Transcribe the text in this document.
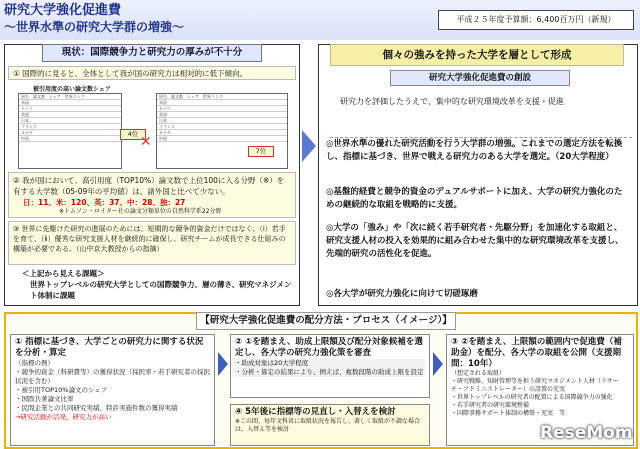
研究大学強化促進費
～世界水準の研究大学群の増強～
平成２５年度予算額：6,400百万円（新規）
現状：国際競争力と研究力の厚みが不十分
① 国際的に見ると、全体として我が国の研究力は相対的に低下傾向。
被引用度の高い論文数シェア
国名　論文数　シェア　世界ランク
米国
ドイツ
英国
日本
フランス
カナダ
中国
国名　論文数　シェア　世界ランク
米国
ドイツ
英国
日本
フランス
カナダ
中国
4位 ✕
7位
② 我が国において、高引用度（TOP10%）論文数で上位100に入る分野（※）を有する大学数（05-09年の平均値）は、諸外国と比べて少ない。
日：11、米：120、英：37、中：28、独：27
※トムソン・ロイター社の論文分類単位の自然科学系22分野
③ 世界に先駆けた研究の進展のためには、短期的な競争的資金だけではなく、（ⅰ）若手を育て、（ⅱ）優秀な研究支援人材を継続的に確保し、研究チームが成長できる仕組みの構築が必要である。（山中京大教授からの指摘）
＜上記から見える課題＞
世界トップレベルの研究大学としての国際競争力、層の薄さ、研究マネジメント体制に課題
個々の強みを持った大学を層として形成
研究大学強化促進費の創設
研究力を評価したうえで、集中的な研究環境改革を支援・促進
◎世界水準の優れた研究活動を行う大学群の増強。これまでの選定方法を転換し、指標に基づき、世界で戦える研究力のある大学を選定。（20大学程度）
◎基盤的経費と競争的資金のデュアルサポートに加え、大学の研究力強化のための継続的な取組を戦略的に支援。
◎大学の「強み」や「次に続く若手研究者・先駆分野」を加速化する取組と、研究支援人材の投入を効果的に組み合わせた集中的な研究環境改革を支援し、先端的研究の活性化を促進。
◎各大学が研究力強化に向けて切磋琢磨
【研究大学強化促進費の配分方法・プロセス（イメージ）】
① 指標に基づき、大学ごとの研究力に関する状況を分析・算定
（指標の例）
・競争的資金（科研費等）の獲得状況（採択率・若手研究者の採択状況を含む）
・被引用TOP10%論文のシェア
・国際共著論文比率
・民間企業との共同研究実績、特許実施件数の獲得実績
→研究活動が活発、研究力が高い
② ①を踏まえ、助成上限額及び配分対象候補を選定し、各大学の研究力強化策を審査
・助成対象は20大学程度
・分析・算定の結果により、例えば、複数段階の助成上限を設定
④ 5年後に指標等の見直し・入替えを検討
※この間、毎年文科省に取組状況を報告し、著しく取組が不調な場合は、入替え等を検討
③ ②を踏まえ、上限額の範囲内で促進費（補助金）を配分、各大学の取組を公開（支援期間：10年）
（想定される取組）
・研究戦略、知財管理等を担う研究マネジメント人材（リサーチ・アドミニストレーター）の設置の充実
・世界トップレベルの研究者の配置による国際競争力の強化
・若手研究者の研究環境整備
・国際事務サポート体制の構築・充実　等
ReseMom
